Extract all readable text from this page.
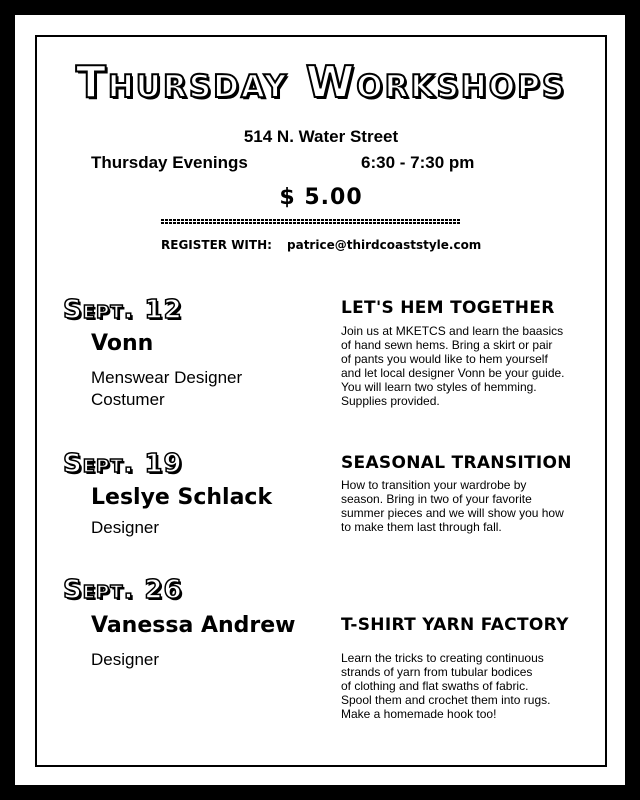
Thursday Workshops
514 N. Water Street
Thursday Evenings	6:30 - 7:30 pm
$ 5.00
REGISTER WITH: patrice@thirdcoaststyle.com
Sept. 12
Vonn
Menswear Designer
Costumer
LET'S HEM TOGETHER
Join us at MKETCS and learn the baasics
of hand sewn hems. Bring a skirt or pair
of pants you would like to hem yourself
and let local designer Vonn be your guide.
You will learn two styles of hemming.
Supplies provided.
Sept. 19
Leslye Schlack
Designer
SEASONAL TRANSITION
How to transition your wardrobe by
season. Bring in two of your favorite
summer pieces and we will show you how
to make them last through fall.
Sept. 26
Vanessa Andrew
Designer
T-SHIRT YARN FACTORY
Learn the tricks to creating continuous
strands of yarn from tubular bodices
of clothing and flat swaths of fabric.
Spool them and crochet them into rugs.
Make a homemade hook too!
